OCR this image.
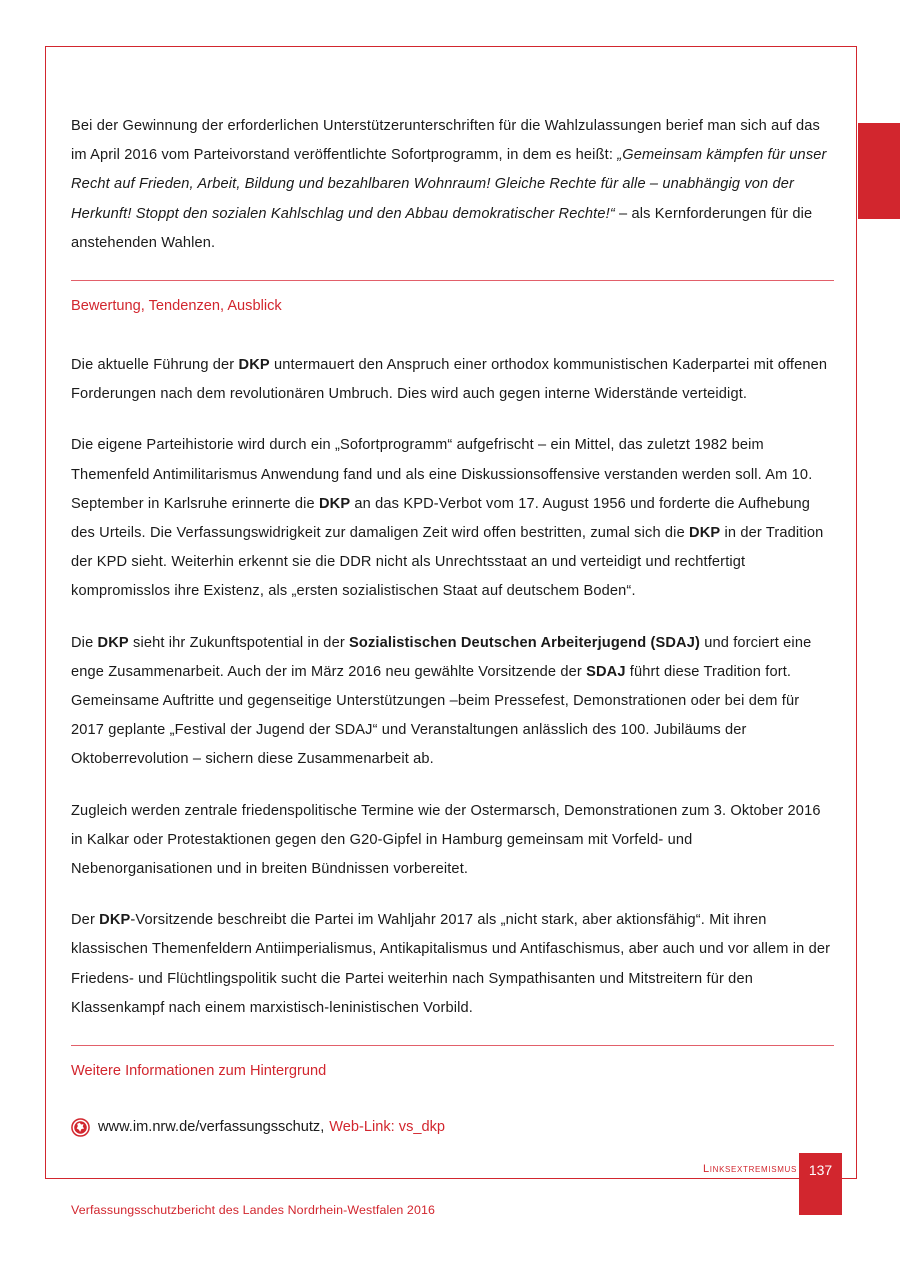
Bei der Gewinnung der erforderlichen Unterstützerunterschriften für die Wahlzulassungen berief man sich auf das im April 2016 vom Parteivorstand veröffentlichte Sofortprogramm, in dem es heißt: „Gemeinsam kämpfen für unser Recht auf Frieden, Arbeit, Bildung und bezahlbaren Wohnraum! Gleiche Rechte für alle – unabhängig von der Herkunft! Stoppt den sozialen Kahlschlag und den Abbau demokratischer Rechte!“ – als Kernforderungen für die anstehenden Wahlen.

Bewertung, Tendenzen, Ausblick

Die aktuelle Führung der DKP untermauert den Anspruch einer orthodox kommunistischen Kaderpartei mit offenen Forderungen nach dem revolutionären Umbruch. Dies wird auch gegen interne Widerstände verteidigt.

Die eigene Parteihistorie wird durch ein „Sofortprogramm“ aufgefrischt – ein Mittel, das zuletzt 1982 beim Themenfeld Antimilitarismus Anwendung fand und als eine Diskussionsoffensive verstanden werden soll. Am 10. September in Karlsruhe erinnerte die DKP an das KPD-Verbot vom 17. August 1956 und forderte die Aufhebung des Urteils. Die Verfassungswidrigkeit zur damaligen Zeit wird offen bestritten, zumal sich die DKP in der Tradition der KPD sieht. Weiterhin erkennt sie die DDR nicht als Unrechtsstaat an und verteidigt und rechtfertigt kompromisslos ihre Existenz, als „ersten sozialistischen Staat auf deutschem Boden“.

Die DKP sieht ihr Zukunftspotential in der Sozialistischen Deutschen Arbeiterjugend (SDAJ) und forciert eine enge Zusammenarbeit. Auch der im März 2016 neu gewählte Vorsitzende der SDAJ führt diese Tradition fort. Gemeinsame Auftritte und gegenseitige Unterstützungen –beim Pressefest, Demonstrationen oder bei dem für 2017 geplante „Festival der Jugend der SDAJ“ und Veranstaltungen anlässlich des 100. Jubiläums der Oktoberrevolution – sichern diese Zusammenarbeit ab.

Zugleich werden zentrale friedenspolitische Termine wie der Ostermarsch, Demonstrationen zum 3. Oktober 2016 in Kalkar oder Protestaktionen gegen den G20-Gipfel in Hamburg gemeinsam mit Vorfeld- und Nebenorganisationen und in breiten Bündnissen vorbereitet.

Der DKP-Vorsitzende beschreibt die Partei im Wahljahr 2017 als „nicht stark, aber aktionsfähig“. Mit ihren klassischen Themenfeldern Antiimperialismus, Antikapitalismus und Antifaschismus, aber auch und vor allem in der Friedens- und Flüchtlingspolitik sucht die Partei weiterhin nach Sympathisanten und Mitstreitern für den Klassenkampf nach einem marxistisch-leninistischen Vorbild.

Weitere Informationen zum Hintergrund

www.im.nrw.de/verfassungsschutz, Web-Link: vs_dkp
Linksextremismus 137
Verfassungsschutzbericht des Landes Nordrhein-Westfalen 2016
